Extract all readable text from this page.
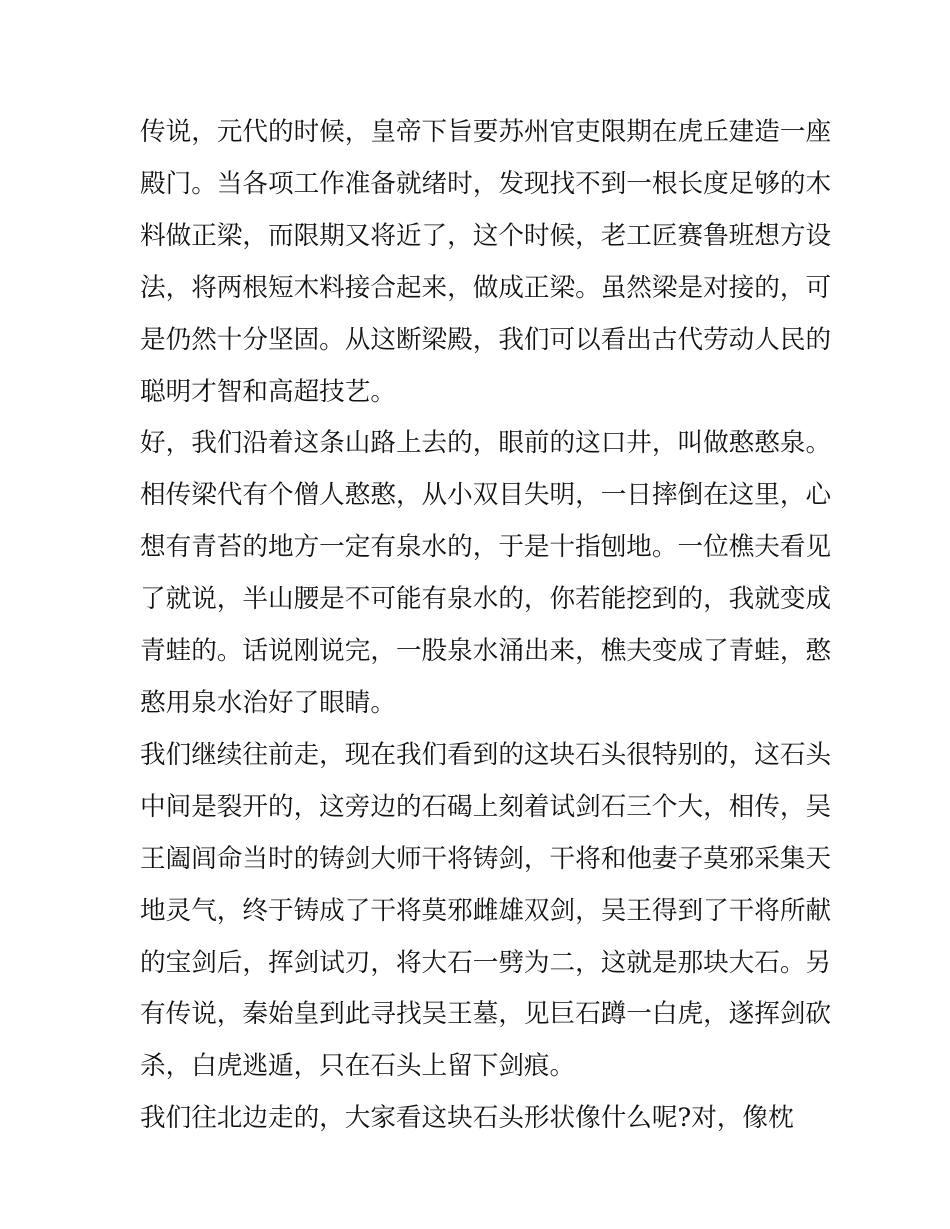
传说，元代的时候，皇帝下旨要苏州官吏限期在虎丘建造一座
殿门。当各项工作准备就绪时，发现找不到一根长度足够的木
料做正梁，而限期又将近了，这个时候，老工匠赛鲁班想方设
法，将两根短木料接合起来，做成正梁。虽然梁是对接的，可
是仍然十分坚固。从这断梁殿，我们可以看出古代劳动人民的
聪明才智和高超技艺。

好，我们沿着这条山路上去的，眼前的这口井，叫做憨憨泉。
相传梁代有个僧人憨憨，从小双目失明，一日摔倒在这里，心
想有青苔的地方一定有泉水的，于是十指刨地。一位樵夫看见
了就说，半山腰是不可能有泉水的，你若能挖到的，我就变成
青蛙的。话说刚说完，一股泉水涌出来，樵夫变成了青蛙，憨
憨用泉水治好了眼睛。

我们继续往前走，现在我们看到的这块石头很特别的，这石头
中间是裂开的，这旁边的石碣上刻着试剑石三个大，相传，吴
王阖闾命当时的铸剑大师干将铸剑，干将和他妻子莫邪采集天
地灵气，终于铸成了干将莫邪雌雄双剑，吴王得到了干将所献
的宝剑后，挥剑试刃，将大石一劈为二，这就是那块大石。另
有传说，秦始皇到此寻找吴王墓，见巨石蹲一白虎，遂挥剑砍
杀，白虎逃遁，只在石头上留下剑痕。

我们往北边走的，大家看这块石头形状像什么呢?对，像枕
